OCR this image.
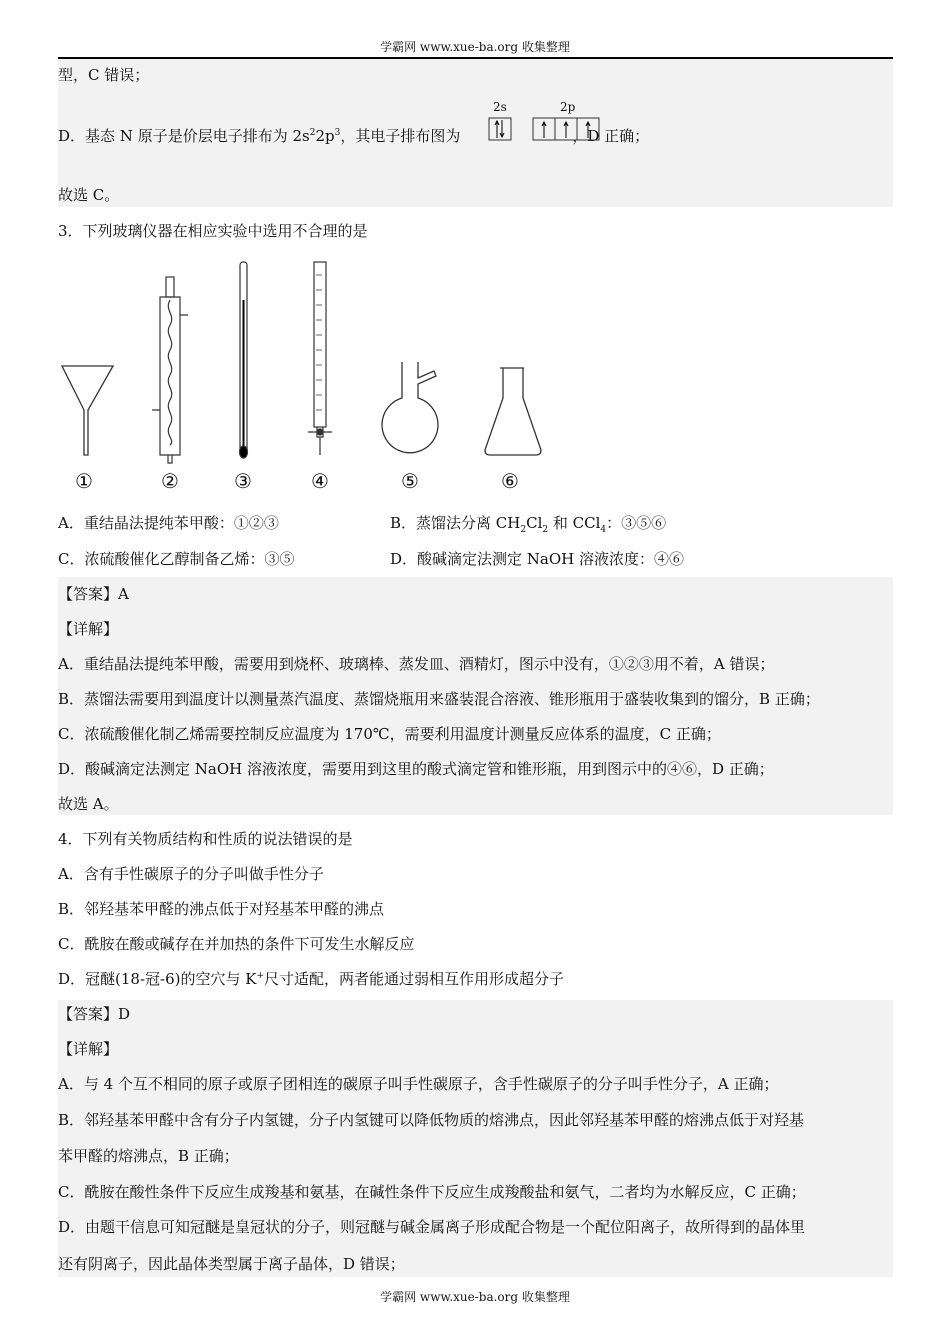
学霸网 www.xue-ba.org 收集整理
型，C 错误；
D．基态 N 原子是价层电子排布为 $2s^22p^3$，其电子排布图为	，D 正确；
2s	2p
故选 C。
3．下列玻璃仪器在相应实验中选用不合理的是
①	②	③	④	⑤	⑥
A．重结晶法提纯苯甲酸：①②③	B．蒸馏法分离 $CH_2Cl_2$ 和 CCl$_4$：③⑤⑥
C．浓硫酸催化乙醇制备乙烯：③⑤	D．酸碱滴定法测定 NaOH 溶液浓度：④⑥
【答案】A
【详解】
A．重结晶法提纯苯甲酸，需要用到烧杯、玻璃棒、蒸发皿、酒精灯，图示中没有，①②③用不着，A 错误；
B．蒸馏法需要用到温度计以测量蒸汽温度、蒸馏烧瓶用来盛装混合溶液、锥形瓶用于盛装收集到的馏分，B 正确；
C．浓硫酸催化制乙烯需要控制反应温度为 170℃，需要利用温度计测量反应体系的温度，C 正确；
D．酸碱滴定法测定 NaOH 溶液浓度，需要用到这里的酸式滴定管和锥形瓶，用到图示中的④⑥，D 正确；
故选 A。
4．下列有关物质结构和性质的说法错误的是
A．含有手性碳原子的分子叫做手性分子
B．邻羟基苯甲醛的沸点低于对羟基苯甲醛的沸点
C．酰胺在酸或碱存在并加热的条件下可发生水解反应
D．冠醚(18-冠-6)的空穴与 K+尺寸适配，两者能通过弱相互作用形成超分子
【答案】D
【详解】
A．与 4 个互不相同的原子或原子团相连的碳原子叫手性碳原子，含手性碳原子的分子叫手性分子，A 正确；
B．邻羟基苯甲醛中含有分子内氢键，分子内氢键可以降低物质的熔沸点，因此邻羟基苯甲醛的熔沸点低于对羟基
苯甲醛的熔沸点，B 正确；
C．酰胺在酸性条件下反应生成羧基和氨基，在碱性条件下反应生成羧酸盐和氨气，二者均为水解反应，C 正确；
D．由题干信息可知冠醚是皇冠状的分子，则冠醚与碱金属离子形成配合物是一个配位阳离子，故所得到的晶体里
还有阴离子，因此晶体类型属于离子晶体，D 错误；
学霸网 www.xue-ba.org 收集整理
